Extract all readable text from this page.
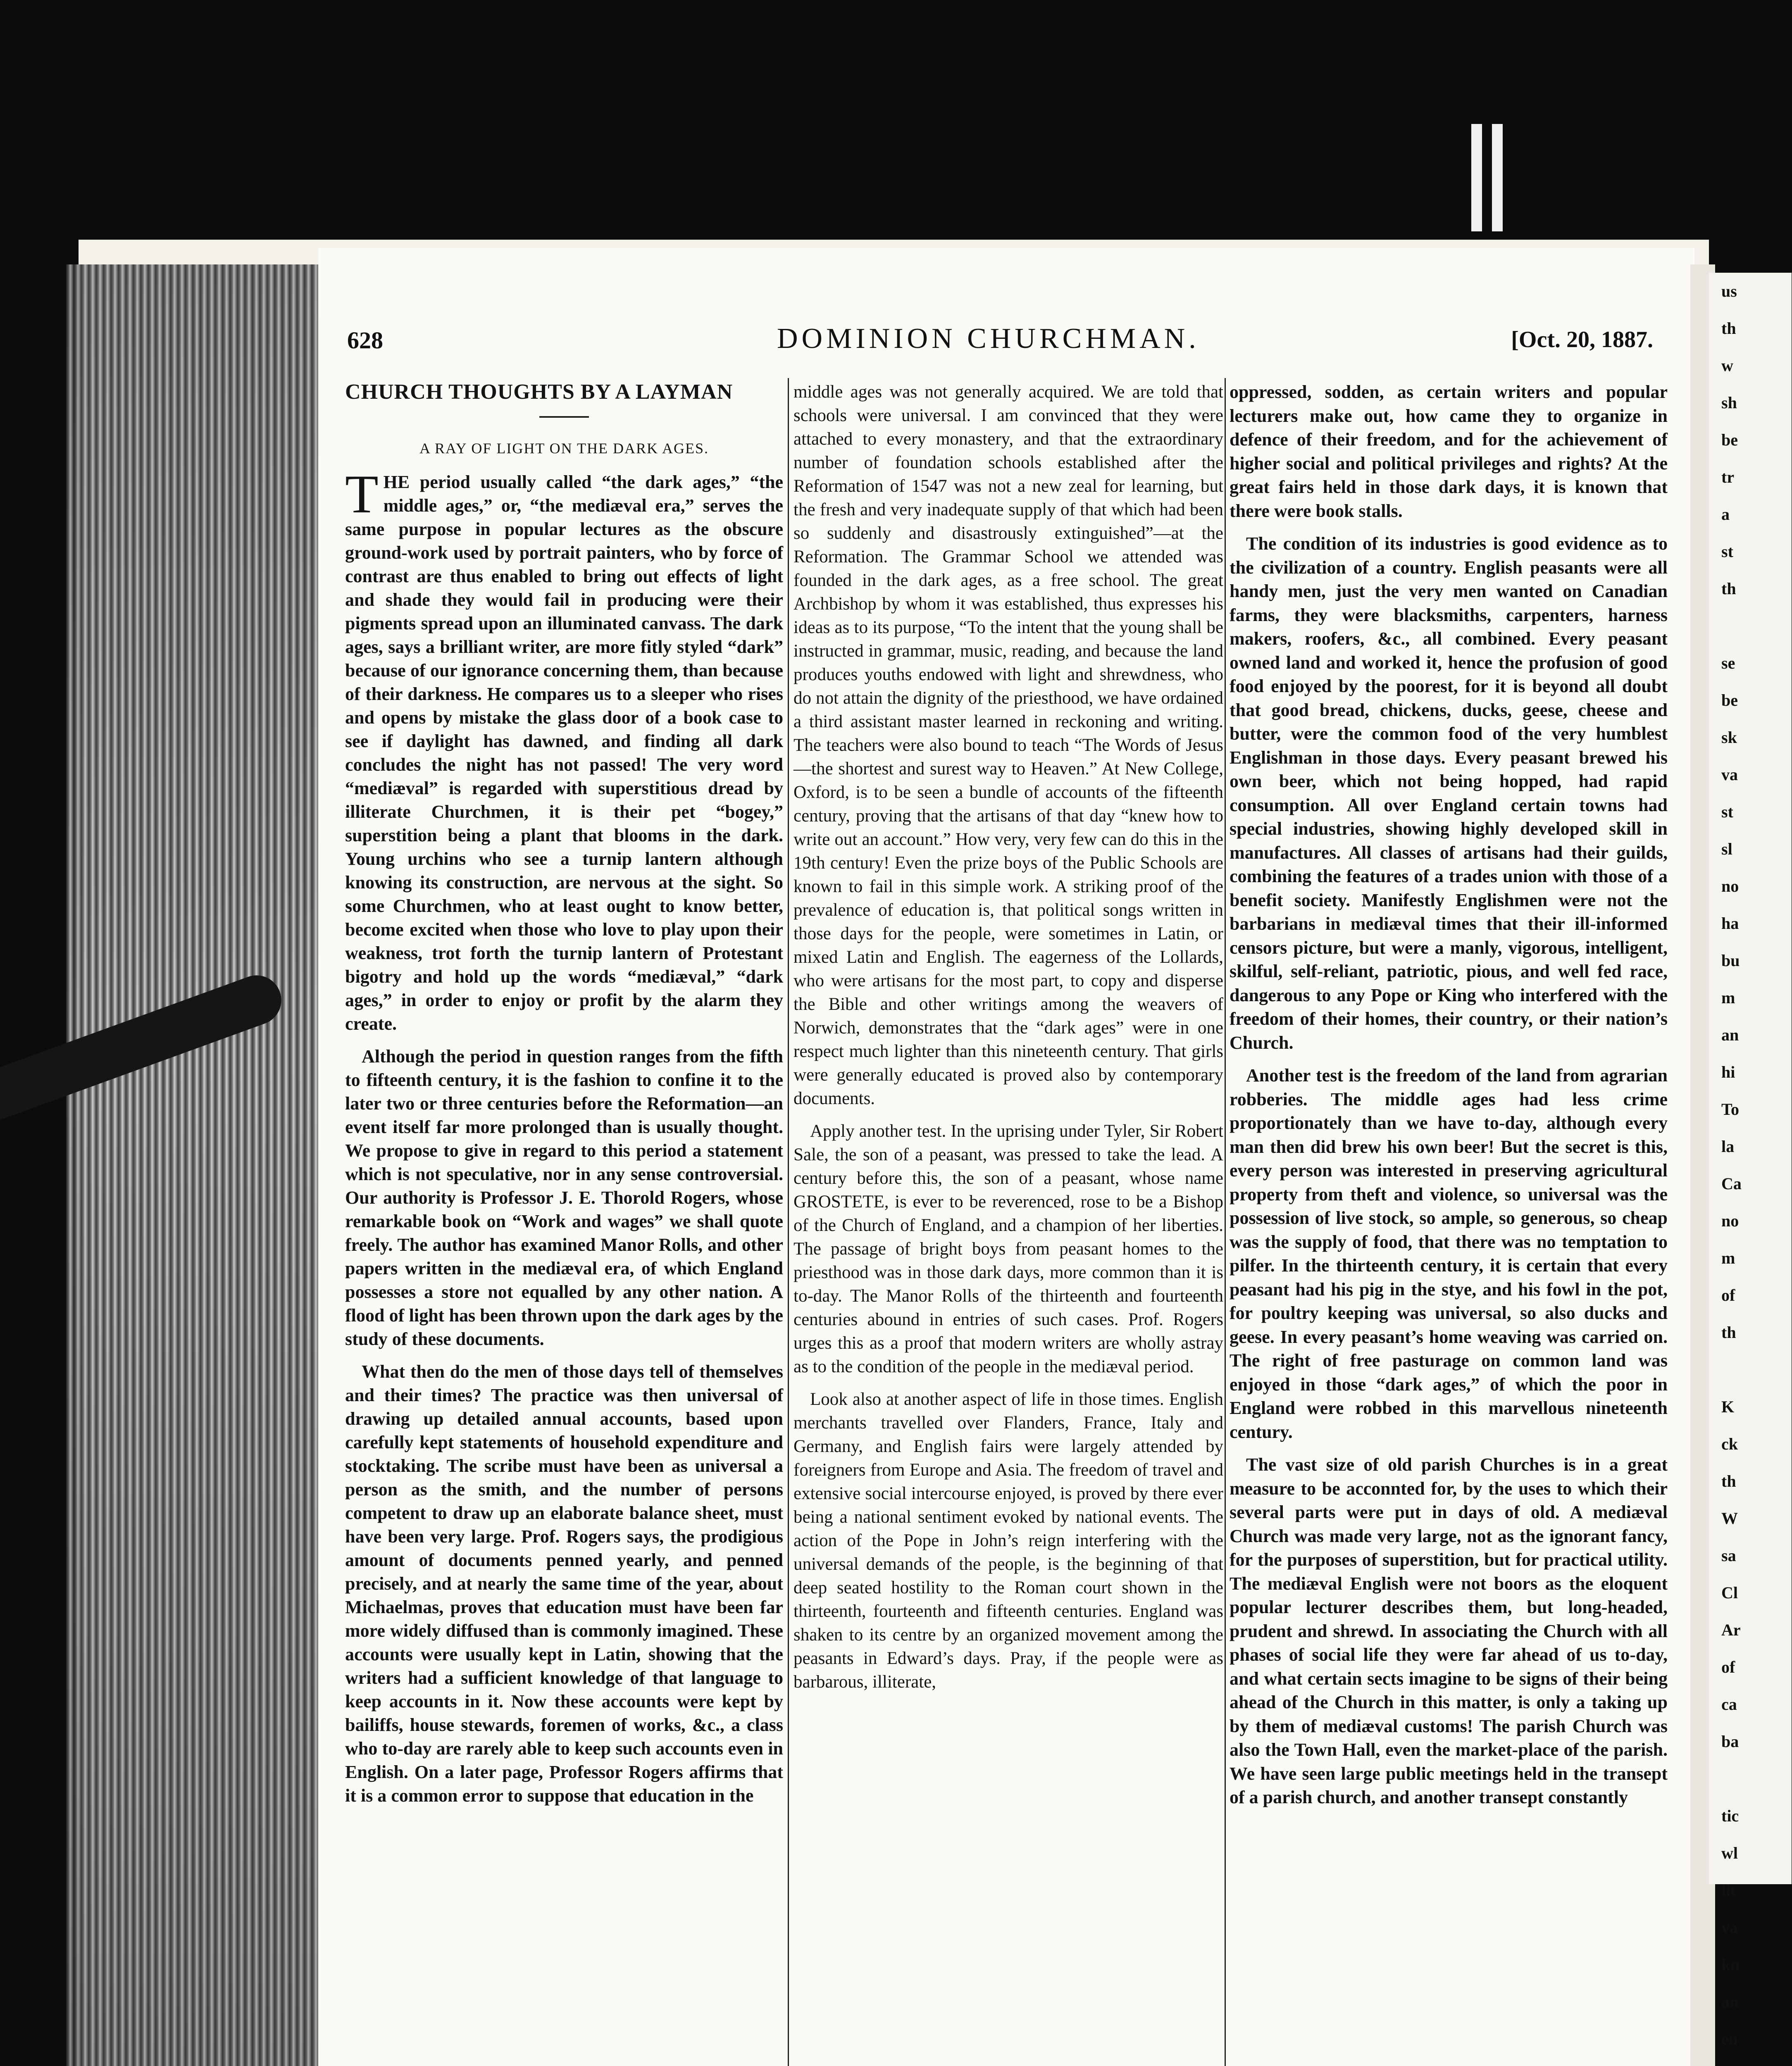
us
th
w
sh
be
tr
a
st
th

se
be
sk
va
st
sl
no
ha
bu
m
an
hi
To
la
Ca
no
m
of
th

K
ck
th
W
sa
Cl
Ar
of
ca
ba

tic
wl
lit
va
kn
an
en

628	DOMINION CHURCHMAN.	[Oct. 20, 1887.
CHURCH THOUGHTS BY A LAYMAN
A RAY OF LIGHT ON THE DARK AGES.

THE period usually called “the dark ages,” “the middle ages,” or, “the mediæval era,” serves the same purpose in popular lectures as the obscure ground-work used by portrait painters, who by force of contrast are thus enabled to bring out effects of light and shade they would fail in producing were their pigments spread upon an illuminated canvass. The dark ages, says a brilliant writer, are more fitly styled “dark” because of our ignorance concerning them, than because of their darkness. He compares us to a sleeper who rises and opens by mistake the glass door of a book case to see if daylight has dawned, and finding all dark concludes the night has not passed! The very word “mediæval” is regarded with superstitious dread by illiterate Churchmen, it is their pet “bogey,” superstition being a plant that blooms in the dark. Young urchins who see a turnip lantern although knowing its construction, are nervous at the sight. So some Churchmen, who at least ought to know better, become excited when those who love to play upon their weakness, trot forth the turnip lantern of Protestant bigotry and hold up the words “mediæval,” “dark ages,” in order to enjoy or profit by the alarm they create.

Although the period in question ranges from the fifth to fifteenth century, it is the fashion to confine it to the later two or three centuries before the Reformation—an event itself far more prolonged than is usually thought. We propose to give in regard to this period a statement which is not speculative, nor in any sense controversial. Our authority is Professor J. E. Thorold Rogers, whose remarkable book on “Work and wages” we shall quote freely. The author has examined Manor Rolls, and other papers written in the mediæval era, of which England possesses a store not equalled by any other nation. A flood of light has been thrown upon the dark ages by the study of these documents.

What then do the men of those days tell of themselves and their times? The practice was then universal of drawing up detailed annual accounts, based upon carefully kept statements of household expenditure and stocktaking. The scribe must have been as universal a person as the smith, and the number of persons competent to draw up an elaborate balance sheet, must have been very large. Prof. Rogers says, the prodigious amount of documents penned yearly, and penned precisely, and at nearly the same time of the year, about Michaelmas, proves that education must have been far more widely diffused than is commonly imagined. These accounts were usually kept in Latin, showing that the writers had a sufficient knowledge of that language to keep accounts in it. Now these accounts were kept by bailiffs, house stewards, foremen of works, &c., a class who to-day are rarely able to keep such accounts even in English. On a later page, Professor Rogers affirms that it is a common error to suppose that education in the

middle ages was not generally acquired. We are told that schools were universal. I am convinced that they were attached to every monastery, and that the extraordinary number of foundation schools established after the Reformation of 1547 was not a new zeal for learning, but the fresh and very inadequate supply of that which had been so suddenly and disastrously extinguished”—at the Reformation. The Grammar School we attended was founded in the dark ages, as a free school. The great Archbishop by whom it was established, thus expresses his ideas as to its purpose, “To the intent that the young shall be instructed in grammar, music, reading, and because the land produces youths endowed with light and shrewdness, who do not attain the dignity of the priesthood, we have ordained a third assistant master learned in reckoning and writing. The teachers were also bound to teach “The Words of Jesus—the shortest and surest way to Heaven.” At New College, Oxford, is to be seen a bundle of accounts of the fifteenth century, proving that the artisans of that day “knew how to write out an account.” How very, very few can do this in the 19th century! Even the prize boys of the Public Schools are known to fail in this simple work. A striking proof of the prevalence of education is, that political songs written in those days for the people, were sometimes in Latin, or mixed Latin and English. The eagerness of the Lollards, who were artisans for the most part, to copy and disperse the Bible and other writings among the weavers of Norwich, demonstrates that the “dark ages” were in one respect much lighter than this nineteenth century. That girls were generally educated is proved also by contemporary documents.

Apply another test. In the uprising under Tyler, Sir Robert Sale, the son of a peasant, was pressed to take the lead. A century before this, the son of a peasant, whose name GROSTETE, is ever to be reverenced, rose to be a Bishop of the Church of England, and a champion of her liberties. The passage of bright boys from peasant homes to the priesthood was in those dark days, more common than it is to-day. The Manor Rolls of the thirteenth and fourteenth centuries abound in entries of such cases. Prof. Rogers urges this as a proof that modern writers are wholly astray as to the condition of the people in the mediæval period.

Look also at another aspect of life in those times. English merchants travelled over Flanders, France, Italy and Germany, and English fairs were largely attended by foreigners from Europe and Asia. The freedom of travel and extensive social intercourse enjoyed, is proved by there ever being a national sentiment evoked by national events. The action of the Pope in John’s reign interfering with the universal demands of the people, is the beginning of that deep seated hostility to the Roman court shown in the thirteenth, fourteenth and fifteenth centuries. England was shaken to its centre by an organized movement among the peasants in Edward’s days. Pray, if the people were as barbarous, illiterate,

oppressed, sodden, as certain writers and popular lecturers make out, how came they to organize in defence of their freedom, and for the achievement of higher social and political privileges and rights? At the great fairs held in those dark days, it is known that there were book stalls.

The condition of its industries is good evidence as to the civilization of a country. English peasants were all handy men, just the very men wanted on Canadian farms, they were blacksmiths, carpenters, harness makers, roofers, &c., all combined. Every peasant owned land and worked it, hence the profusion of good food enjoyed by the poorest, for it is beyond all doubt that good bread, chickens, ducks, geese, cheese and butter, were the common food of the very humblest Englishman in those days. Every peasant brewed his own beer, which not being hopped, had rapid consumption. All over England certain towns had special industries, showing highly developed skill in manufactures. All classes of artisans had their guilds, combining the features of a trades union with those of a benefit society. Manifestly Englishmen were not the barbarians in mediæval times that their ill-informed censors picture, but were a manly, vigorous, intelligent, skilful, self-reliant, patriotic, pious, and well fed race, dangerous to any Pope or King who interfered with the freedom of their homes, their country, or their nation’s Church.

Another test is the freedom of the land from agrarian robberies. The middle ages had less crime proportionately than we have to-day, although every man then did brew his own beer! But the secret is this, every person was interested in preserving agricultural property from theft and violence, so universal was the possession of live stock, so ample, so generous, so cheap was the supply of food, that there was no temptation to pilfer. In the thirteenth century, it is certain that every peasant had his pig in the stye, and his fowl in the pot, for poultry keeping was universal, so also ducks and geese. In every peasant’s home weaving was carried on. The right of free pasturage on common land was enjoyed in those “dark ages,” of which the poor in England were robbed in this marvellous nineteenth century.

The vast size of old parish Churches is in a great measure to be acconnted for, by the uses to which their several parts were put in days of old. A mediæval Church was made very large, not as the ignorant fancy, for the purposes of superstition, but for practical utility. The mediæval English were not boors as the eloquent popular lecturer describes them, but long-headed, prudent and shrewd. In associating the Church with all phases of social life they were far ahead of us to-day, and what certain sects imagine to be signs of their being ahead of the Church in this matter, is only a taking up by them of mediæval customs! The parish Church was also the Town Hall, even the market-place of the parish. We have seen large public meetings held in the transept of a parish church, and another transept constantly
